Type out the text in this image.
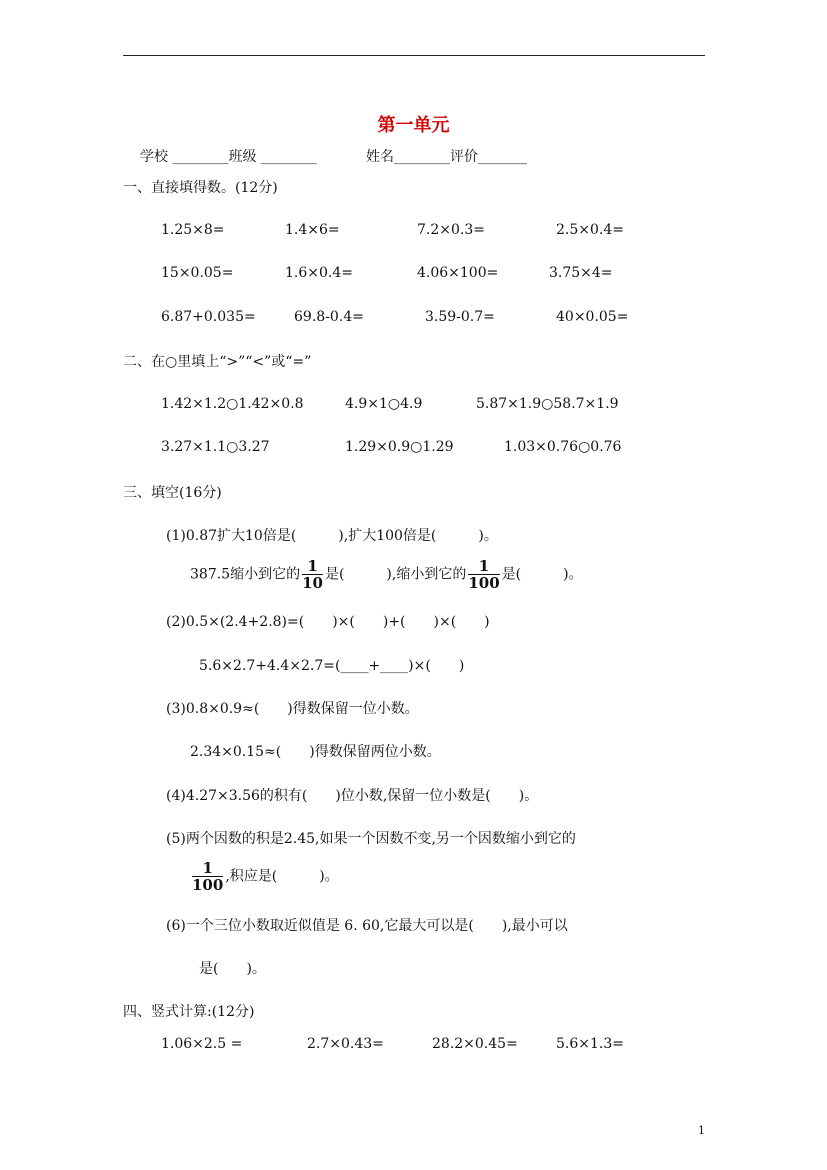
第一单元
学校 ________班级 ________	姓名________评价_______
一、直接填得数。(12分)
1.25×8=	1.4×6=	7.2×0.3=	2.5×0.4=
15×0.05=	1.6×0.4=	4.06×100=	3.75×4=
6.87+0.035=	69.8-0.4=	3.59-0.7=	40×0.05=
二、在○里填上“>”“<”或“=”
1.42×1.2○1.42×0.8	4.9×1○4.9	5.87×1.9○58.7×1.9
3.27×1.1○3.27	1.29×0.9○1.29	1.03×0.76○0.76
三、填空(16分)
(1)0.87扩大10倍是(　　　),扩大100倍是(　　　)。
387.5缩小到它的 $\frac{1}{10}$ 是(　　　),缩小到它的 $\frac{1}{100}$ 是(　　　)。
(2)0.5×(2.4+2.8)=(　　)×(　　)+(　　)×(　　)
5.6×2.7+4.4×2.7=(____+____)×(　　)
(3)0.8×0.9≈(　　)得数保留一位小数。
2.34×0.15≈(　　)得数保留两位小数。
(4)4.27×3.56的积有(　　)位小数,保留一位小数是(　　)。
(5)两个因数的积是2.45,如果一个因数不变,另一个因数缩小到它的
$\frac{1}{100}$ ,积应是(　　　)。
(6)一个三位小数取近似值是 6. 60,它最大可以是(　　),最小可以
是(　　)。
四、竖式计算:(12分)
1.06×2.5 =	2.7×0.43=	28.2×0.45=	5.6×1.3=
1
